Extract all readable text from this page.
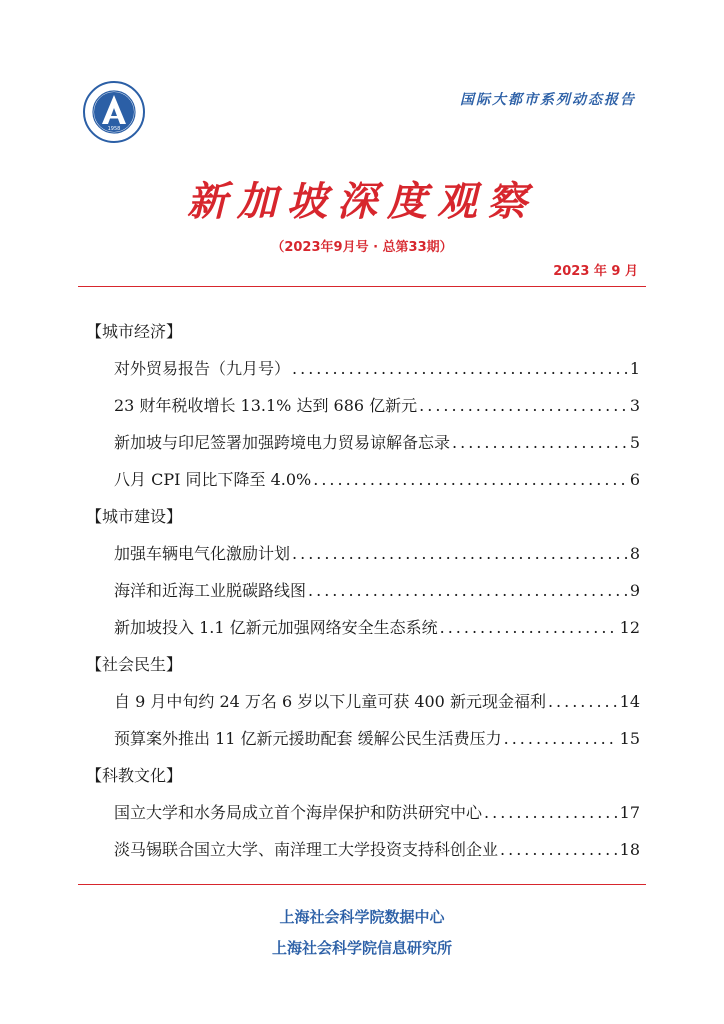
1958
国际大都市系列动态报告
新加坡深度观察
（2023年9月号 · 总第33期）
2023 年 9 月
【城市经济】
对外贸易报告（九月号） .....	1
23 财年税收增长 13.1% 达到 686 亿新元 .....	3
新加坡与印尼签署加强跨境电力贸易谅解备忘录 .....	5
八月 CPI 同比下降至 4.0% .....	6
【城市建设】
加强车辆电气化激励计划 .....	8
海洋和近海工业脱碳路线图 .....	9
新加坡投入 1.1 亿新元加强网络安全生态系统 .....	12
【社会民生】
自 9 月中旬约 24 万名 6 岁以下儿童可获 400 新元现金福利 .....	14
预算案外推出 11 亿新元援助配套 缓解公民生活费压力 .....	15
【科教文化】
国立大学和水务局成立首个海岸保护和防洪研究中心 .....	17
淡马锡联合国立大学、南洋理工大学投资支持科创企业 .....	18
上海社会科学院数据中心
上海社会科学院信息研究所
